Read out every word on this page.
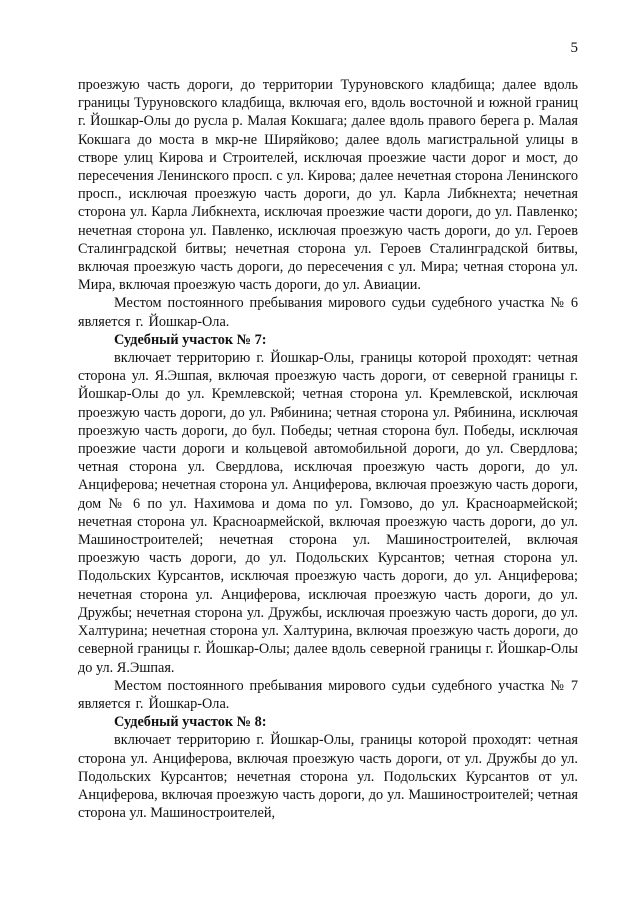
5

проезжую часть дороги, до территории Туруновского кладбища; далее вдоль границы Туруновского кладбища, включая его, вдоль восточной и южной границ г. Йошкар-Олы до русла р. Малая Кокшага; далее вдоль правого берега р. Малая Кокшага до моста в мкр-не Ширяйково; далее вдоль магистральной улицы в створе улиц Кирова и Строителей, исключая проезжие части дорог и мост, до пересечения Ленинского просп. с ул. Кирова; далее нечетная сторона Ленинского просп., исключая проезжую часть дороги, до ул. Карла Либкнехта; нечетная сторона ул. Карла Либкнехта, исключая проезжие части дороги, до ул. Павленко; нечетная сторона ул. Павленко, исключая проезжую часть дороги, до ул. Героев Сталинградской битвы; нечетная сторона ул. Героев Сталинградской битвы, включая проезжую часть дороги, до пересечения с ул. Мира; четная сторона ул. Мира, включая проезжую часть дороги, до ул. Авиации.

Местом постоянного пребывания мирового судьи судебного участка № 6 является г. Йошкар-Ола.

Судебный участок № 7:

включает территорию г. Йошкар-Олы, границы которой проходят: четная сторона ул. Я.Эшпая, включая проезжую часть дороги, от северной границы г. Йошкар-Олы до ул. Кремлевской; четная сторона ул. Кремлевской, исключая проезжую часть дороги, до ул. Рябинина; четная сторона ул. Рябинина, исключая проезжую часть дороги, до бул. Победы; четная сторона бул. Победы, исключая проезжие части дороги и кольцевой автомобильной дороги, до ул. Свердлова; четная сторона ул. Свердлова, исключая проезжую часть дороги, до ул. Анциферова; нечетная сторона ул. Анциферова, включая проезжую часть дороги, дом № 6 по ул. Нахимова и дома по ул. Гомзово, до ул. Красноармейской; нечетная сторона ул. Красноармейской, включая проезжую часть дороги, до ул. Машиностроителей; нечетная сторона ул. Машиностроителей, включая проезжую часть дороги, до ул. Подольских Курсантов; четная сторона ул. Подольских Курсантов, исключая проезжую часть дороги, до ул. Анциферова; нечетная сторона ул. Анциферова, исключая проезжую часть дороги, до ул. Дружбы; нечетная сторона ул. Дружбы, исключая проезжую часть дороги, до ул. Халтурина; нечетная сторона ул. Халтурина, включая проезжую часть дороги, до северной границы г. Йошкар-Олы; далее вдоль северной границы г. Йошкар-Олы до ул. Я.Эшпая.

Местом постоянного пребывания мирового судьи судебного участка № 7 является г. Йошкар-Ола.

Судебный участок № 8:

включает территорию г. Йошкар-Олы, границы которой проходят: четная сторона ул. Анциферова, включая проезжую часть дороги, от ул. Дружбы до ул. Подольских Курсантов; нечетная сторона ул. Подольских Курсантов от ул. Анциферова, включая проезжую часть дороги, до ул. Машиностроителей; четная сторона ул. Машиностроителей,
